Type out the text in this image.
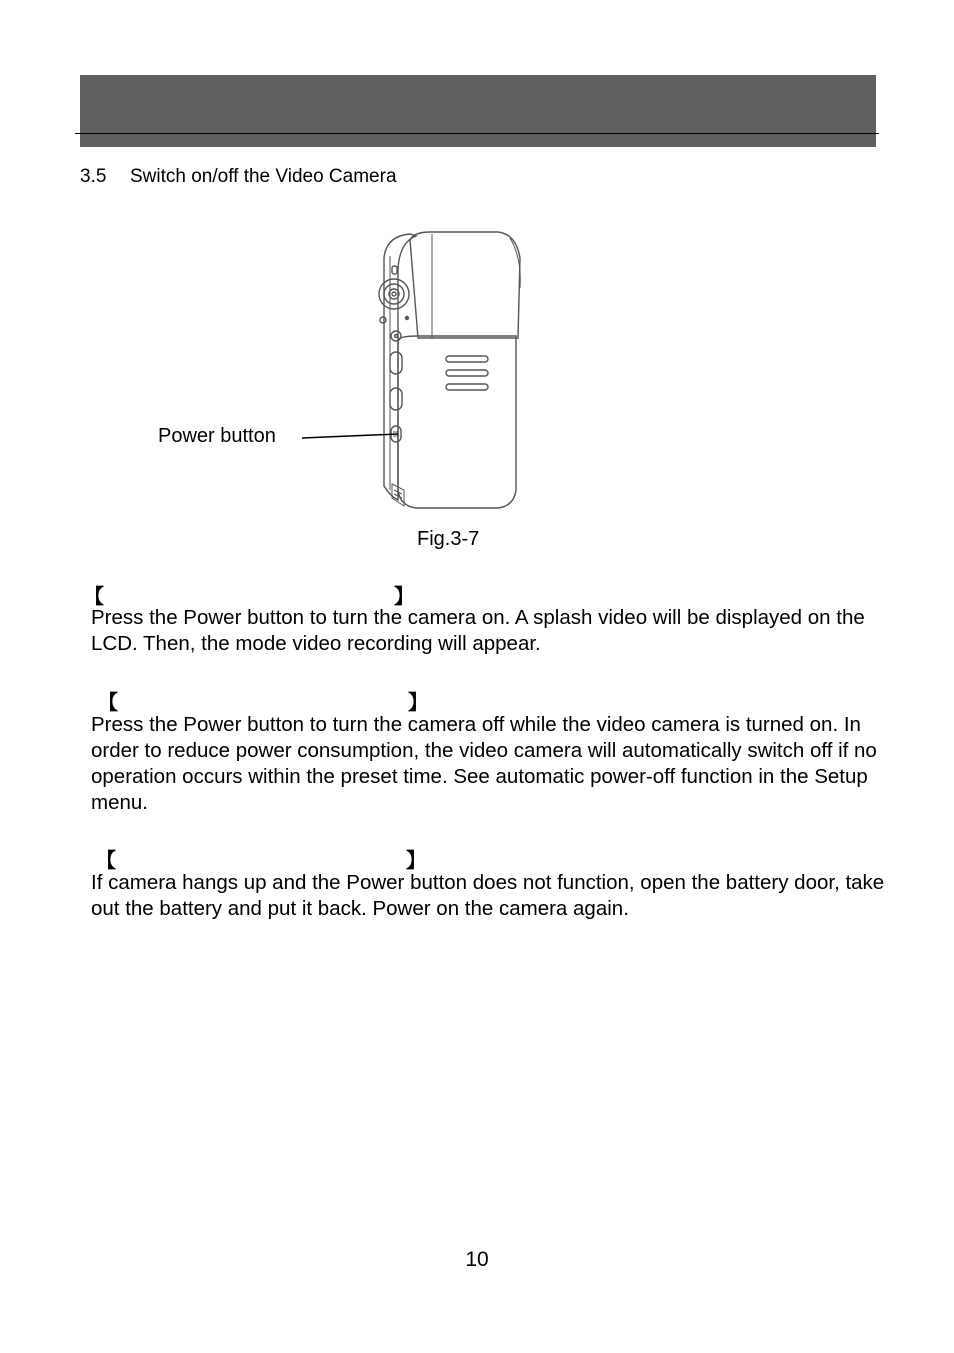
3.5 Switch on/off the Video Camera
Power button
Fig.3-7
【	】
Press the Power button to turn the camera on. A splash video will be displayed on the LCD. Then, the mode video recording will appear.
【	】
Press the Power button to turn the camera off while the video camera is turned on. In order to reduce power consumption, the video camera will automatically switch off if no operation occurs within the preset time. See automatic power-off function in the Setup menu.
【	】
If camera hangs up and the Power button does not function, open the battery door, take out the battery and put it back. Power on the camera again.
10
